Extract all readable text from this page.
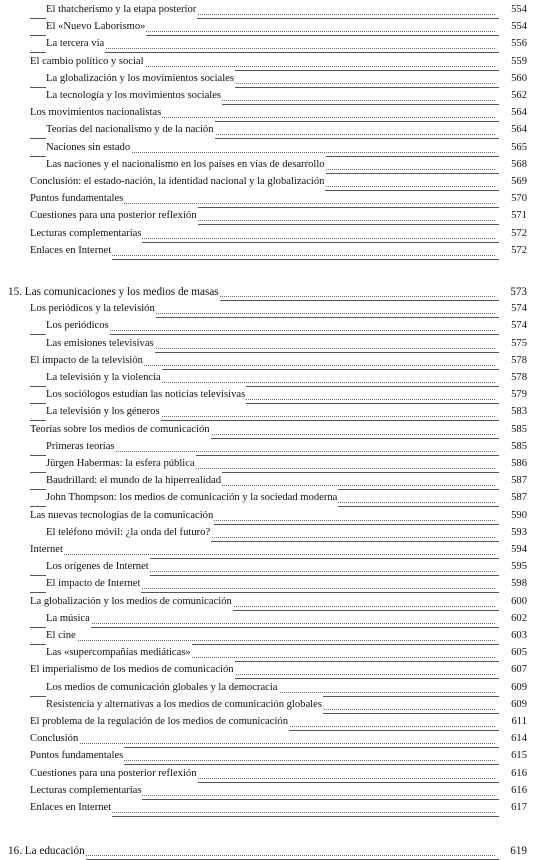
El thatcherismo y la etapa posterior	554
El «Nuevo Laborismo»	554
La tercera vía	556
El cambio político y social	559
La globalización y los movimientos sociales	560
La tecnología y los movimientos sociales	562
Los movimientos nacionalistas	564
Teorías del nacionalismo y de la nación	564
Naciones sin estado	565
Las naciones y el nacionalismo en los países en vías de desarrollo	568
Conclusión: el estado-nación, la identidad nacional y la globalización	569
Puntos fundamentales	570
Cuestiones para una posterior reflexión	571
Lecturas complementarias	572
Enlaces en Internet	572
15. Las comunicaciones y los medios de masas	573
Los periódicos y la televisión	574
Los periódicos	574
Las emisiones televisivas	575
El impacto de la televisión	578
La televisión y la violencia	578
Los sociólogos estudian las noticias televisivas	579
La televisión y los géneros	583
Teorías sobre los medios de comunicación	585
Primeras teorías	585
Jürgen Habermas: la esfera pública	586
Baudrillard: el mundo de la hiperrealidad	587
John Thompson: los medios de comunicación y la sociedad moderna	587
Las nuevas tecnologías de la comunicación	590
El teléfono móvil: ¿la onda del futuro?	593
Internet	594
Los orígenes de Internet	595
El impacto de Internet	598
La globalización y los medios de comunicación	600
La música	602
El cine	603
Las «supercompañías mediáticas»	605
El imperialismo de los medios de comunicación	607
Los medios de comunicación globales y la democracia	609
Resistencia y alternativas a los medios de comunicación globales	609
El problema de la regulación de los medios de comunicación	611
Conclusión	614
Puntos fundamentales	615
Cuestiones para una posterior reflexión	616
Lecturas complementarias	616
Enlaces en Internet	617
16. La educación	619
